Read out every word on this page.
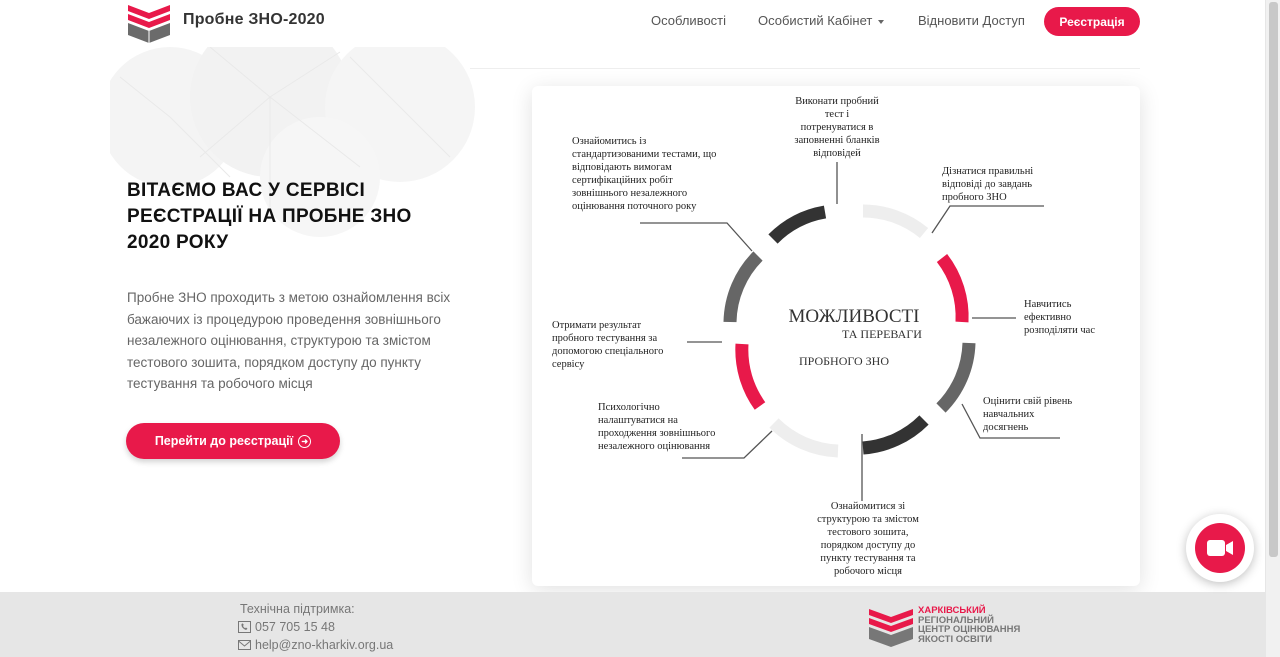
Пробне ЗНО-2020	Особливості Особистий Кабінет	Відновити Доступ	Реєстрація
ВІТАЄМО ВАС У СЕРВІСІ РЕЄСТРАЦІЇ НА ПРОБНЕ ЗНО 2020 РОКУ
Пробне ЗНО проходить з метою ознайомлення всіх бажаючих із процедурою проведення зовнішнього незалежного оцінювання, структурою та змістом тестового зошита, порядком доступу до пункту тестування та робочого місця
Перейти до реєстрації	➜
МОЖЛИВОСТІ
ТА ПЕРЕВАГИ
ПРОБНОГО ЗНО
Виконати пробний
тест і
потренуватися в
заповненні бланків
відповідей
Дізнатися правильні
відповіді до завдань
пробного ЗНО
Навчитись
ефективно
розподіляти час
Оцінити свій рівень
навчальних
досягнень
Ознайомитися зі
структурою та змістом
тестового зошита,
порядком доступу до
пункту тестування та
робочого місця
Психологічно
налаштуватися на
проходження зовнішнього
незалежного оцінювання
Отримати результат
пробного тестування за
допомогою спеціального
сервісу
Ознайомитись із
стандартизованими тестами, що
відповідають вимогам
сертифікаційних робіт
зовнішнього незалежного
оцінювання поточного року
Технічна підтримка:
057 705 15 48
help@zno-kharkiv.org.ua
ХАРКІВСЬКИЙ
РЕГІОНАЛЬНИЙ
ЦЕНТР ОЦІНЮВАННЯ
ЯКОСТІ ОСВІТИ
